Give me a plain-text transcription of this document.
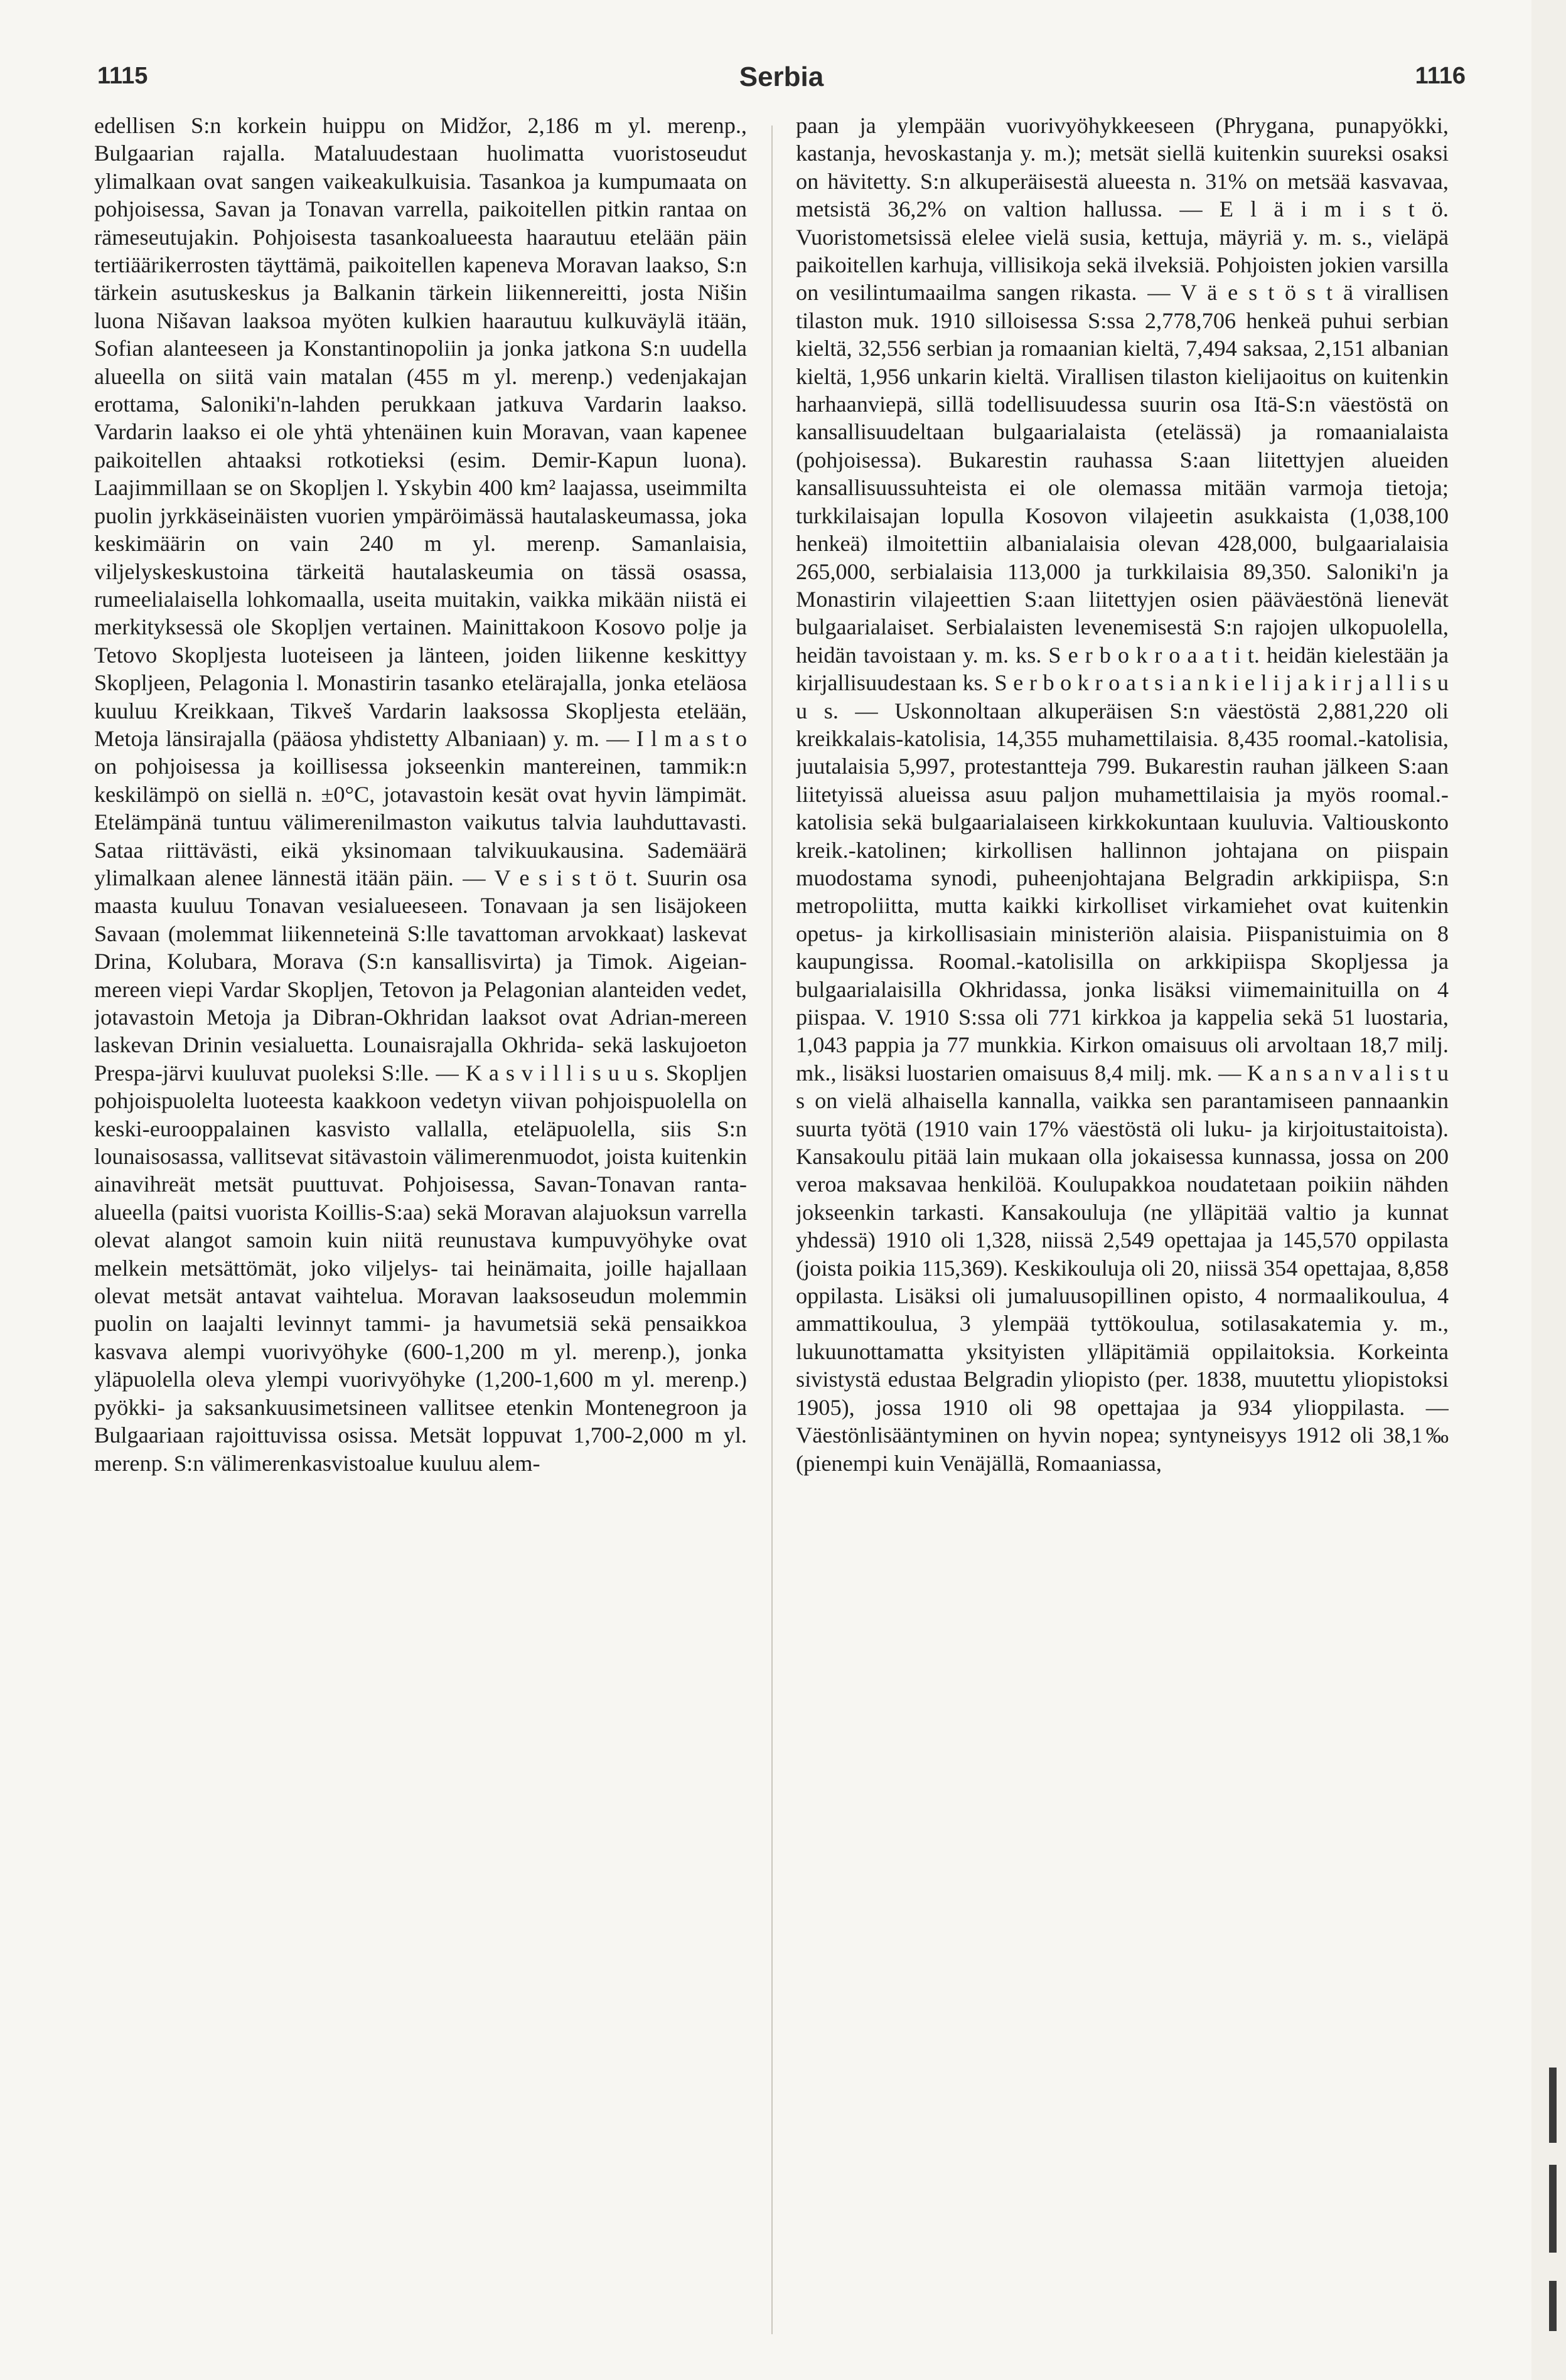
1115	Serbia	1116

edellisen S:n korkein huippu on Midžor, 2,186 m yl. merenp., Bulgaarian rajalla. Mataluudestaan huolimatta vuoristoseudut ylimalkaan ovat sangen vaikeakulkuisia. Tasankoa ja kumpumaata on pohjoisessa, Savan ja Tonavan varrella, paikoitellen pitkin rantaa on rämeseutujakin. Pohjoisesta tasankoalueesta haarautuu etelään päin tertiäärikerrosten täyttämä, paikoitellen kapeneva Moravan laakso, S:n tärkein asutuskeskus ja Balkanin tärkein liikennereitti, josta Nišin luona Nišavan laaksoa myöten kulkien haarautuu kulkuväylä itään, Sofian alanteeseen ja Konstantinopoliin ja jonka jatkona S:n uudella alueella on siitä vain matalan (455 m yl. merenp.) vedenjakajan erottama, Saloniki'n-lahden perukkaan jatkuva Vardarin laakso. Vardarin laakso ei ole yhtä yhtenäinen kuin Moravan, vaan kapenee paikoitellen ahtaaksi rotkotieksi (esim. Demir-Kapun luona). Laajimmillaan se on Skopljen l. Yskybin 400 km² laajassa, useimmilta puolin jyrkkäseinäisten vuorien ympäröimässä hautalaskeumassa, joka keskimäärin on vain 240 m yl. merenp. Samanlaisia, viljelyskeskustoina tärkeitä hautalaskeumia on tässä osassa, rumeelialaisella lohkomaalla, useita muitakin, vaikka mikään niistä ei merkityksessä ole Skopljen vertainen. Mainittakoon Kosovo polje ja Tetovo Skopljesta luoteiseen ja länteen, joiden liikenne keskittyy Skopljeen, Pelagonia l. Monastirin tasanko etelärajalla, jonka eteläosa kuuluu Kreikkaan, Tikveš Vardarin laaksossa Skopljesta etelään, Metoja länsirajalla (pääosa yhdistetty Albaniaan) y. m. — I l m a s t o on pohjoisessa ja koillisessa jokseenkin mantereinen, tammik:n keskilämpö on siellä n. ±0°C, jotavastoin kesät ovat hyvin lämpimät. Etelämpänä tuntuu välimerenilmaston vaikutus talvia lauhduttavasti. Sataa riittävästi, eikä yksinomaan talvikuukausina. Sademäärä ylimalkaan alenee lännestä itään päin. — V e s i s t ö t. Suurin osa maasta kuuluu Tonavan vesialueeseen. Tonavaan ja sen lisäjokeen Savaan (molemmat liikenneteinä S:lle tavattoman arvokkaat) laskevat Drina, Kolubara, Morava (S:n kansallisvirta) ja Timok. Aigeian-mereen viepi Vardar Skopljen, Tetovon ja Pelagonian alanteiden vedet, jotavastoin Metoja ja Dibran-Okhridan laaksot ovat Adrian-mereen laskevan Drinin vesialuetta. Lounaisrajalla Okhrida- sekä laskujoeton Prespa-järvi kuuluvat puoleksi S:lle. — K a s v i l l i s u u s. Skopljen pohjoispuolelta luoteesta kaakkoon vedetyn viivan pohjoispuolella on keski-eurooppalainen kasvisto vallalla, eteläpuolella, siis S:n lounaisosassa, vallitsevat sitävastoin välimerenmuodot, joista kuitenkin ainavihreät metsät puuttuvat. Pohjoisessa, Savan-Tonavan ranta-alueella (paitsi vuorista Koillis-S:aa) sekä Moravan alajuoksun varrella olevat alangot samoin kuin niitä reunustava kumpuvyöhyke ovat melkein metsättömät, joko viljelys- tai heinämaita, joille hajallaan olevat metsät antavat vaihtelua. Moravan laaksoseudun molemmin puolin on laajalti levinnyt tammi- ja havumetsiä sekä pensaikkoa kasvava alempi vuorivyöhyke (600-1,200 m yl. merenp.), jonka yläpuolella oleva ylempi vuorivyöhyke (1,200-1,600 m yl. merenp.) pyökki- ja saksankuusimetsineen vallitsee etenkin Montenegroon ja Bulgaariaan rajoittuvissa osissa. Metsät loppuvat 1,700-2,000 m yl. merenp. S:n välimerenkasvistoalue kuuluu alem-

paan ja ylempään vuorivyöhykkeeseen (Phrygana, punapyökki, kastanja, hevoskastanja y. m.); metsät siellä kuitenkin suureksi osaksi on hävitetty. S:n alkuperäisestä alueesta n. 31% on metsää kasvavaa, metsistä 36,2% on valtion hallussa. — E l ä i m i s t ö. Vuoristometsissä elelee vielä susia, kettuja, mäyriä y. m. s., vieläpä paikoitellen karhuja, villisikoja sekä ilveksiä. Pohjoisten jokien varsilla on vesilintumaailma sangen rikasta. — V ä e s t ö s t ä virallisen tilaston muk. 1910 silloisessa S:ssa 2,778,706 henkeä puhui serbian kieltä, 32,556 serbian ja romaanian kieltä, 7,494 saksaa, 2,151 albanian kieltä, 1,956 unkarin kieltä. Virallisen tilaston kielijaoitus on kuitenkin harhaanviepä, sillä todellisuudessa suurin osa Itä-S:n väestöstä on kansallisuudeltaan bulgaarialaista (etelässä) ja romaanialaista (pohjoisessa). Bukarestin rauhassa S:aan liitettyjen alueiden kansallisuussuhteista ei ole olemassa mitään varmoja tietoja; turkkilaisajan lopulla Kosovon vilajeetin asukkaista (1,038,100 henkeä) ilmoitettiin albanialaisia olevan 428,000, bulgaarialaisia 265,000, serbialaisia 113,000 ja turkkilaisia 89,350. Saloniki'n ja Monastirin vilajeettien S:aan liitettyjen osien pääväestönä lienevät bulgaarialaiset. Serbialaisten levenemisestä S:n rajojen ulkopuolella, heidän tavoistaan y. m. ks. S e r b o k r o a a t i t. heidän kielestään ja kirjallisuudestaan ks. S e r b o k r o a t s i a n k i e l i j a k i r j a l l i s u u s. — Uskonnoltaan alkuperäisen S:n väestöstä 2,881,220 oli kreikkalais-katolisia, 14,355 muhamettilaisia. 8,435 roomal.-katolisia, juutalaisia 5,997, protestantteja 799. Bukarestin rauhan jälkeen S:aan liitetyissä alueissa asuu paljon muhamettilaisia ja myös roomal.-katolisia sekä bulgaarialaiseen kirkkokuntaan kuuluvia. Valtiouskonto kreik.-katolinen; kirkollisen hallinnon johtajana on piispain muodostama synodi, puheenjohtajana Belgradin arkkipiispa, S:n metropoliitta, mutta kaikki kirkolliset virkamiehet ovat kuitenkin opetus- ja kirkollisasiain ministeriön alaisia. Piispanistuimia on 8 kaupungissa. Roomal.-katolisilla on arkkipiispa Skopljessa ja bulgaarialaisilla Okhridassa, jonka lisäksi viimemainituilla on 4 piispaa. V. 1910 S:ssa oli 771 kirkkoa ja kappelia sekä 51 luostaria, 1,043 pappia ja 77 munkkia. Kirkon omaisuus oli arvoltaan 18,7 milj. mk., lisäksi luostarien omaisuus 8,4 milj. mk. — K a n s a n v a l i s t u s on vielä alhaisella kannalla, vaikka sen parantamiseen pannaankin suurta työtä (1910 vain 17% väestöstä oli luku- ja kirjoitustaitoista). Kansakoulu pitää lain mukaan olla jokaisessa kunnassa, jossa on 200 veroa maksavaa henkilöä. Koulupakkoa noudatetaan poikiin nähden jokseenkin tarkasti. Kansakouluja (ne ylläpitää valtio ja kunnat yhdessä) 1910 oli 1,328, niissä 2,549 opettajaa ja 145,570 oppilasta (joista poikia 115,369). Keskikouluja oli 20, niissä 354 opettajaa, 8,858 oppilasta. Lisäksi oli jumaluusopillinen opisto, 4 normaalikoulua, 4 ammattikoulua, 3 ylempää tyttökoulua, sotilasakatemia y. m., lukuunottamatta yksityisten ylläpitämiä oppilaitoksia. Korkeinta sivistystä edustaa Belgradin yliopisto (per. 1838, muutettu yliopistoksi 1905), jossa 1910 oli 98 opettajaa ja 934 ylioppilasta. — Väestönlisääntyminen on hyvin nopea; syntyneisyys 1912 oli 38,1‰ (pienempi kuin Venäjällä, Romaaniassa,
